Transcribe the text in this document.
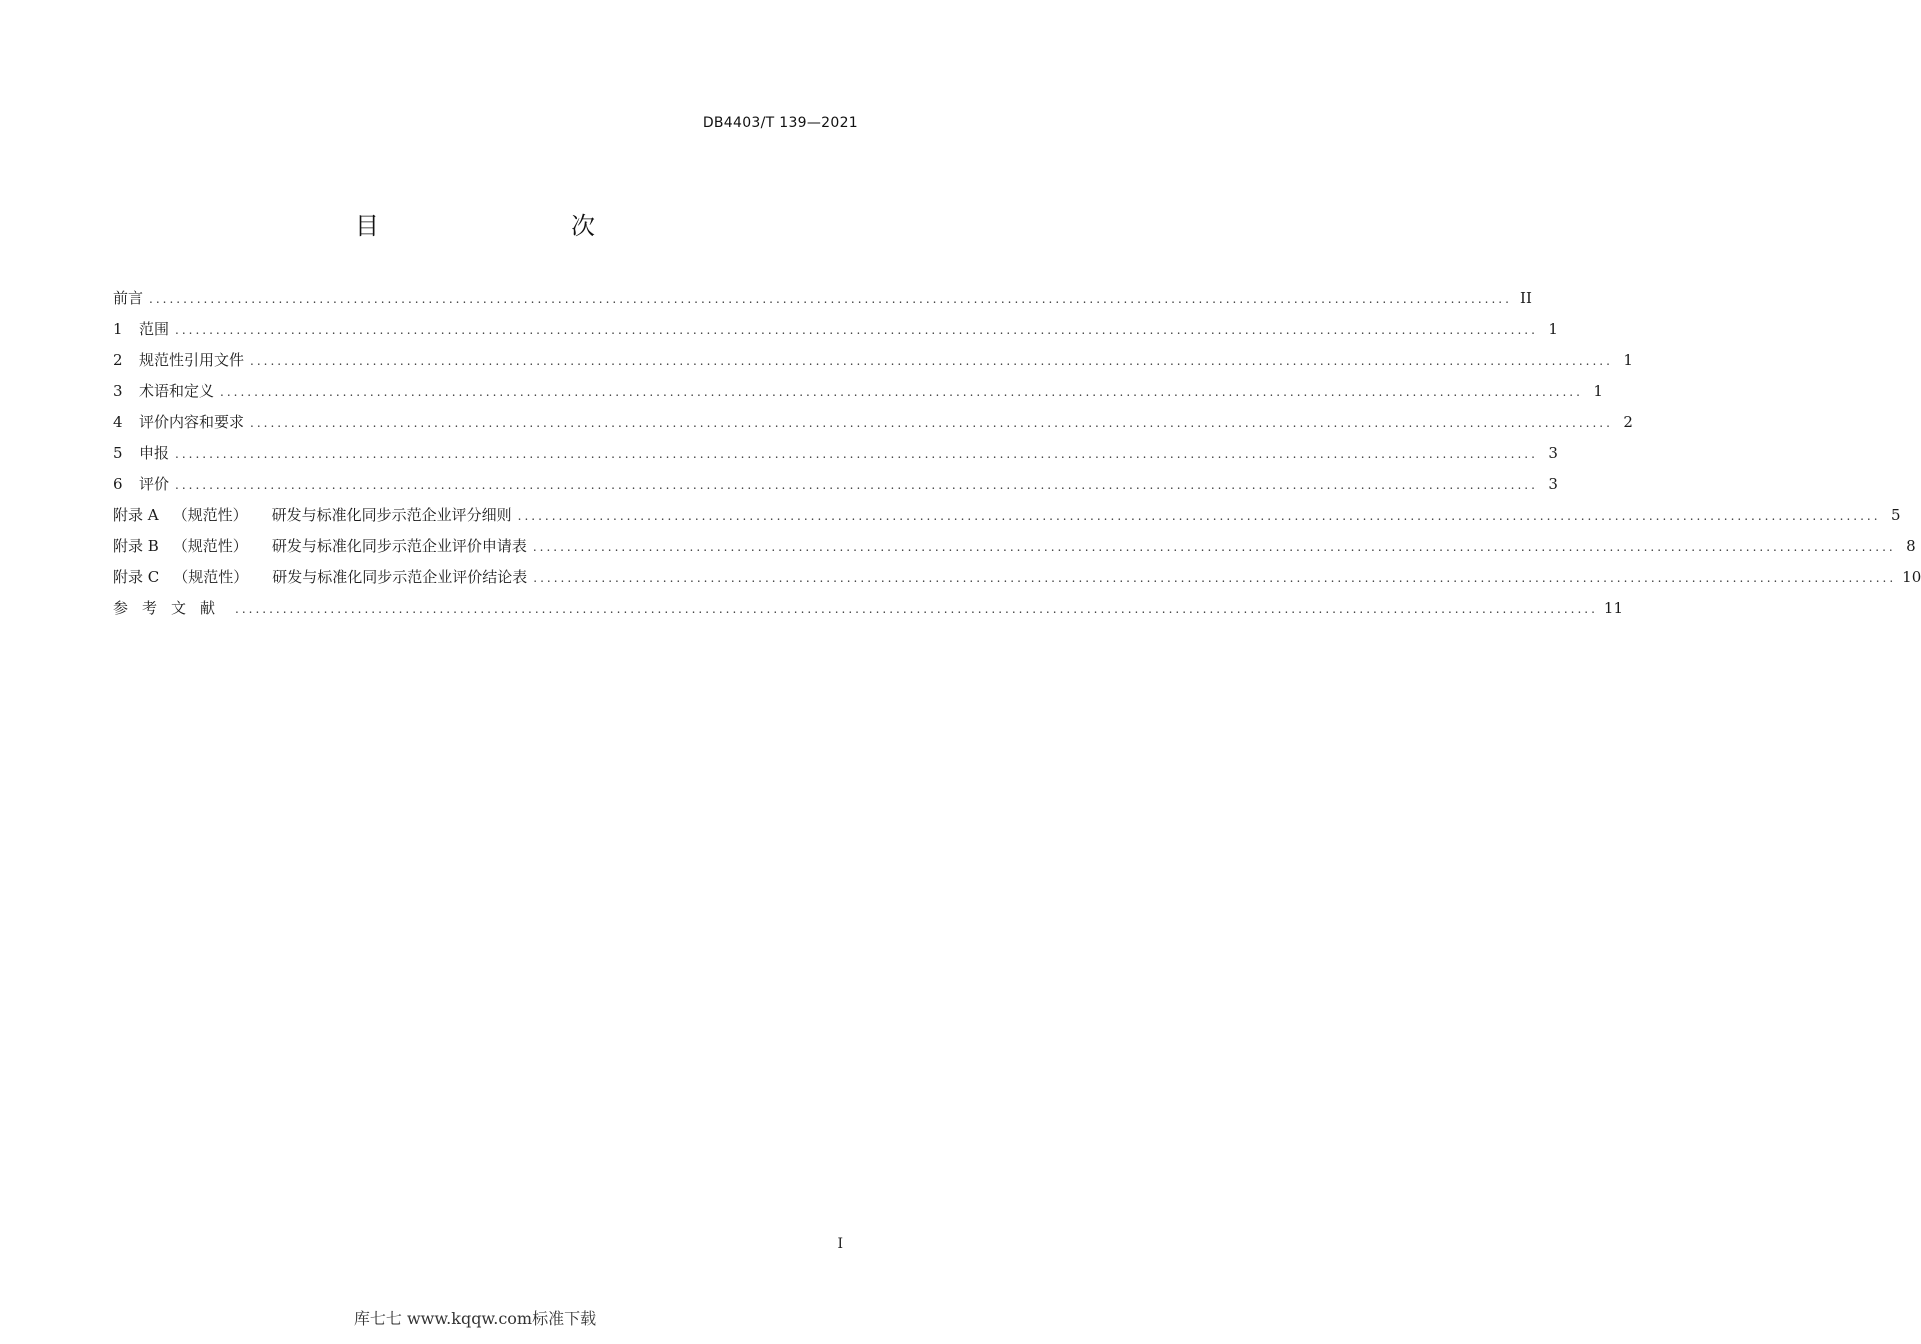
DB4403/T 139—2021
目　　次
前言 ........................................................................................................................................................................................................ II
1	范围 ........................................................................................................................................................................................................ 1
2	规范性引用文件 ........................................................................................................................................................................................................ 1
3	术语和定义 ........................................................................................................................................................................................................ 1
4	评价内容和要求 ........................................................................................................................................................................................................ 2
5	申报 ........................................................................................................................................................................................................ 3
6	评价 ........................................................................................................................................................................................................ 3
附录 A （规范性） 研发与标准化同步示范企业评分细则 ........................................................................................................................................................................................................ 5
附录 B （规范性） 研发与标准化同步示范企业评价申请表 ........................................................................................................................................................................................................ 8
附录 C （规范性） 研发与标准化同步示范企业评价结论表 ........................................................................................................................................................................................................ 10
参考文献 ........................................................................................................................................................................................................ 11
I
库七七 www.kqqw.com标准下载
